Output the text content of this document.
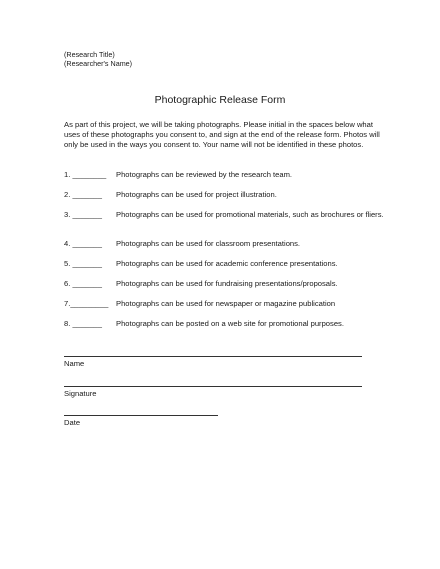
(Research Title)
(Researcher's Name)
Photographic Release Form
As part of this project, we will be taking photographs. Please initial in the spaces below what uses of these photographs you consent to, and sign at the end of the release form. Photos will only be used in the ways you consent to. Your name will not be identified in these photos.
1. ________	Photographs can be reviewed by the research team.
2. _______	Photographs can be used for project illustration.
3. _______	Photographs can be used for promotional materials, such as brochures or fliers.
4. _______	Photographs can be used for classroom presentations.
5. _______	Photographs can be used for academic conference presentations.
6. _______	Photographs can be used for fundraising presentations/proposals.
7._________	Photographs can be used for newspaper or magazine publication
8. _______	Photographs can be posted on a web site for promotional purposes.
Name
Signature
Date
